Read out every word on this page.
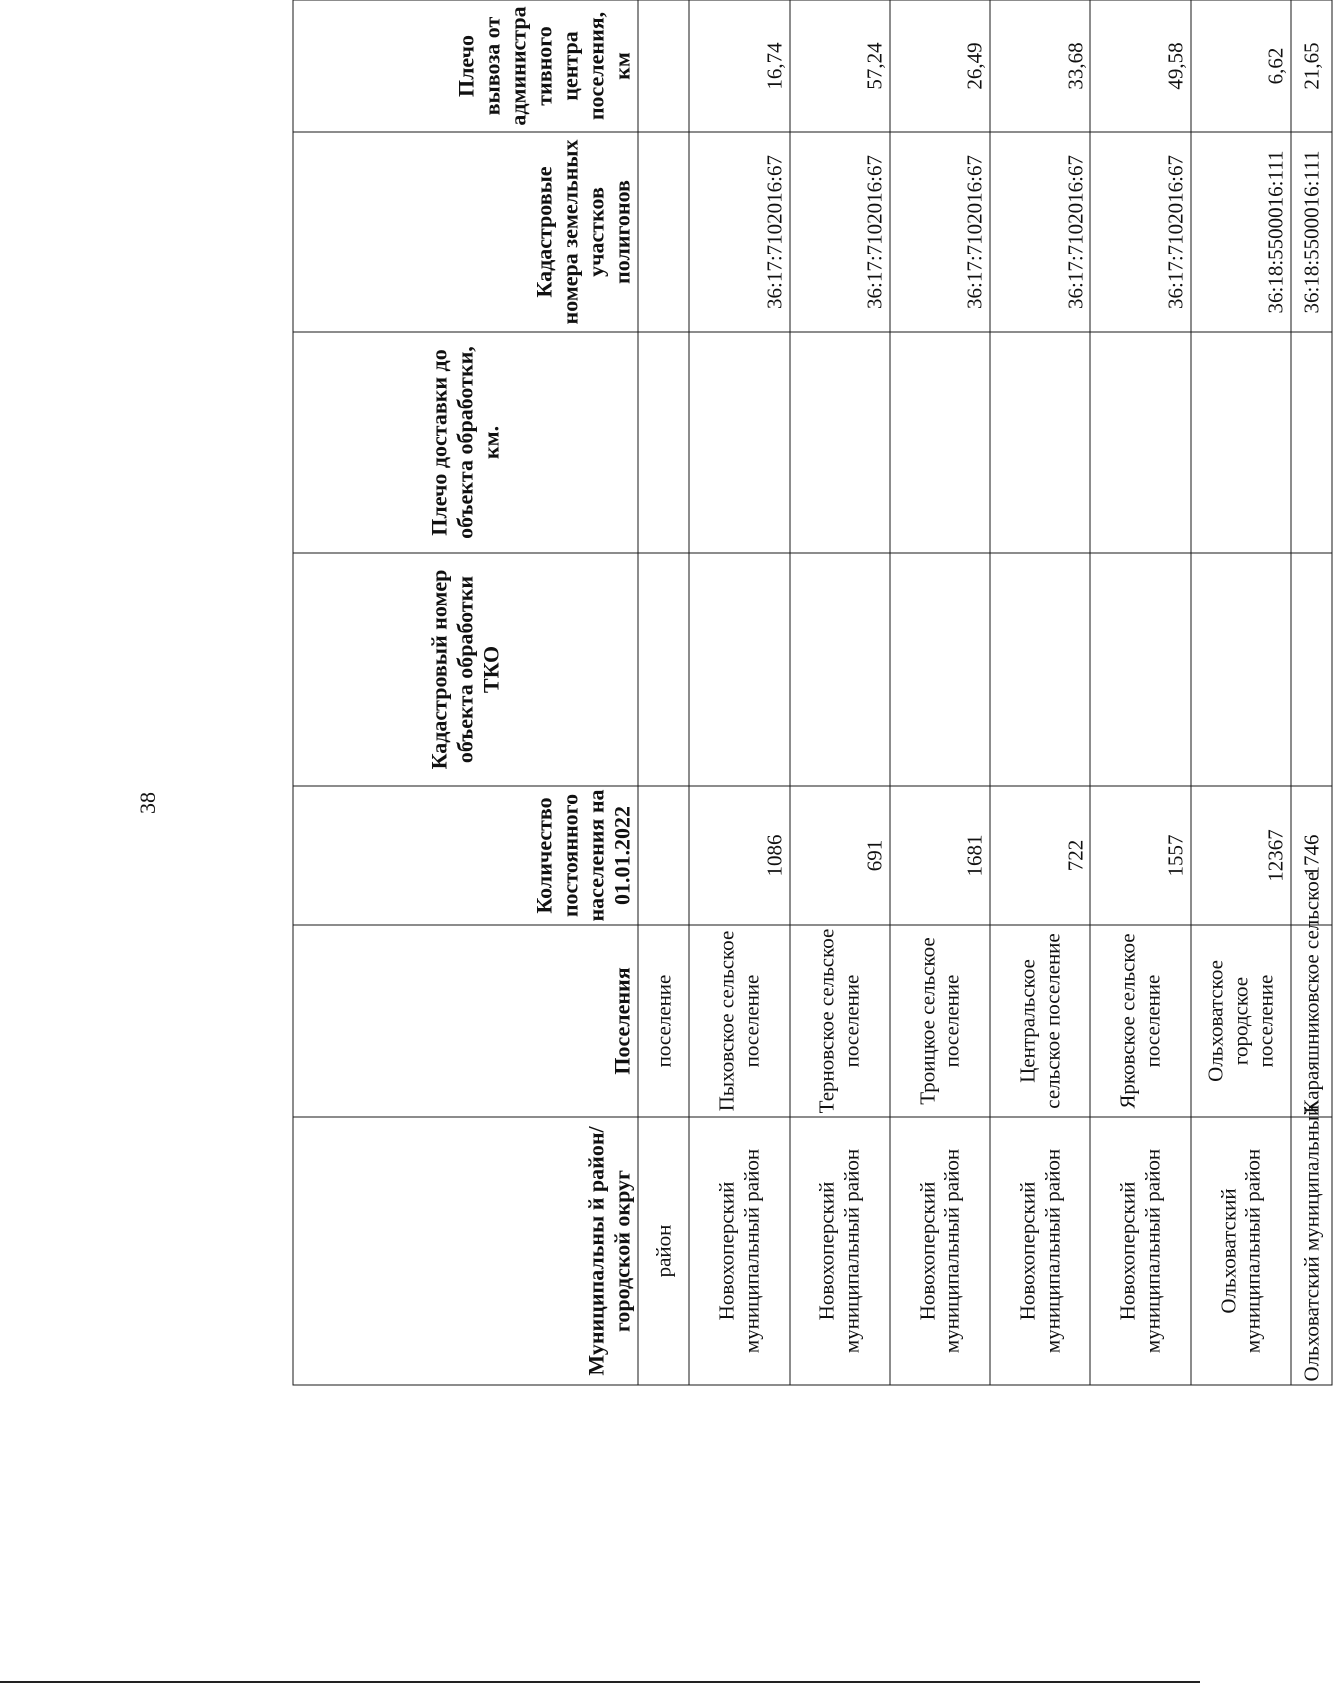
38
Муниципальны й район/ городской округ	Поселения	Количество постоянного населения на 01.01.2022	Кадастровый номер объекта обработки ТКО	Плечо доставки до объекта обработки, км.	Кадастровые номера земельных участков полигонов	Плечо вывоза от администра тивного центра поселения, км
район	поселение					
Новохоперский муниципальный район	Пыховское сельское поселение	1086			36:17:7102016:67	16,74
Новохоперский муниципальный район	Терновское сельское поселение	691			36:17:7102016:67	57,24
Новохоперский муниципальный район	Троицкое сельское поселение	1681			36:17:7102016:67	26,49
Новохоперский муниципальный район	Центральское сельское поселение	722			36:17:7102016:67	33,68
Новохоперский муниципальный район	Ярковское сельское поселение	1557			36:17:7102016:67	49,58
Ольховатский муниципальный район	Ольховатское городское поселение	12367			36:18:5500016:111	6,62
Ольховатский муниципальный	Караяшниковское сельское	1746			36:18:5500016:111	21,65
